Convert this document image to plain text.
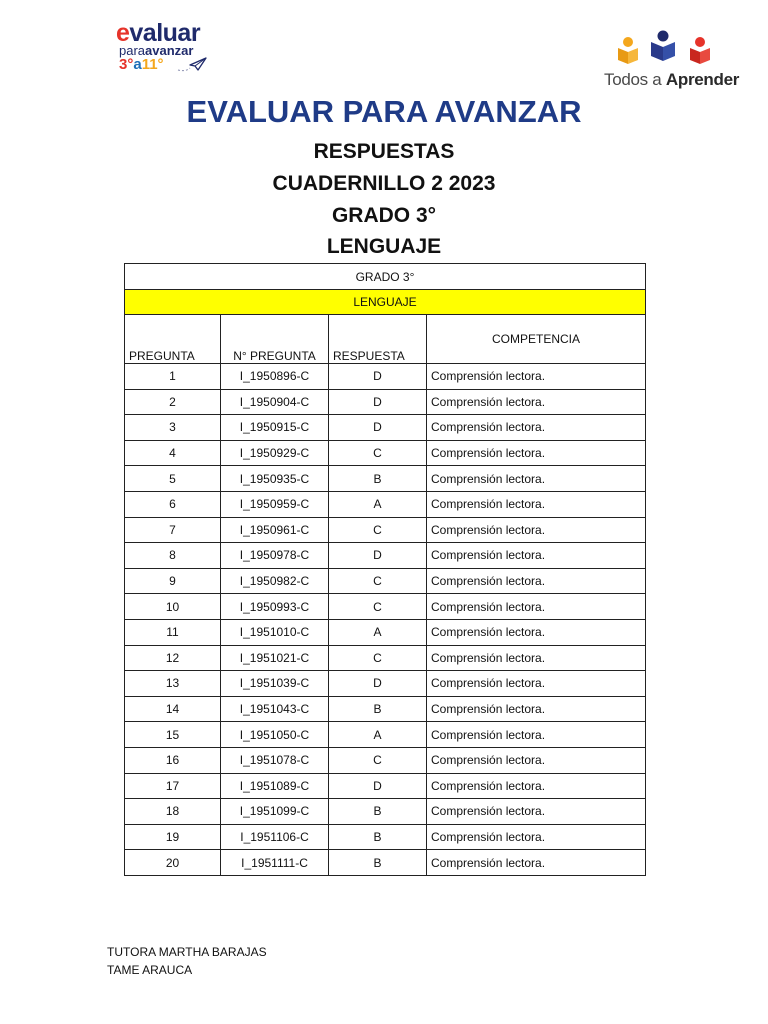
evaluar
paraavanzar
3°a11°
Todos a Aprender
EVALUAR PARA AVANZAR
RESPUESTAS
CUADERNILLO 2 2023
GRADO 3°
LENGUAJE
GRADO 3°			
LENGUAJE			
PREGUNTA	N° PREGUNTA	RESPUESTA	COMPETENCIA
1	I_1950896-C	D	Comprensión lectora.
2	I_1950904-C	D	Comprensión lectora.
3	I_1950915-C	D	Comprensión lectora.
4	I_1950929-C	C	Comprensión lectora.
5	I_1950935-C	B	Comprensión lectora.
6	I_1950959-C	A	Comprensión lectora.
7	I_1950961-C	C	Comprensión lectora.
8	I_1950978-C	D	Comprensión lectora.
9	I_1950982-C	C	Comprensión lectora.
10	I_1950993-C	C	Comprensión lectora.
11	I_1951010-C	A	Comprensión lectora.
12	I_1951021-C	C	Comprensión lectora.
13	I_1951039-C	D	Comprensión lectora.
14	I_1951043-C	B	Comprensión lectora.
15	I_1951050-C	A	Comprensión lectora.
16	I_1951078-C	C	Comprensión lectora.
17	I_1951089-C	D	Comprensión lectora.
18	I_1951099-C	B	Comprensión lectora.
19	I_1951106-C	B	Comprensión lectora.
20	I_1951111-C	B	Comprensión lectora.
TUTORA MARTHA BARAJAS
TAME ARAUCA
